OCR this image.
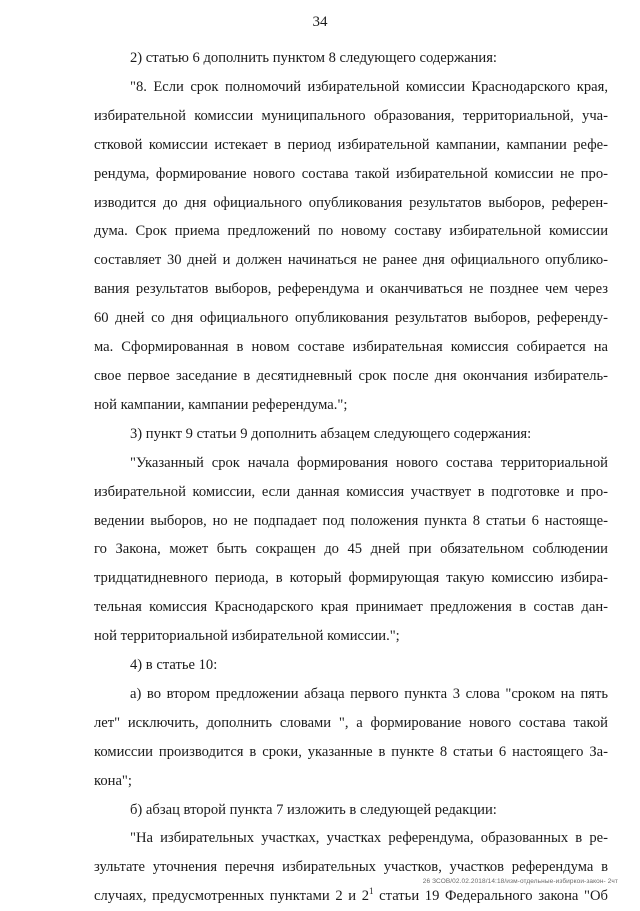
34

2) статью 6 дополнить пунктом 8 следующего содержания:

"8. Если срок полномочий избирательной комиссии Краснодарского края,
избирательной комиссии муниципального образования, территориальной, уча-
стковой комиссии истекает в период избирательной кампании, кампании рефе-
рендума, формирование нового состава такой избирательной комиссии не про-
изводится до дня официального опубликования результатов выборов, референ-
дума. Срок приема предложений по новому составу избирательной комиссии
составляет 30 дней и должен начинаться не ранее дня официального опублико-
вания результатов выборов, референдума и оканчиваться не позднее чем через
60 дней со дня официального опубликования результатов выборов, референду-
ма. Сформированная в новом составе избирательная комиссия собирается на
свое первое заседание в десятидневный срок после дня окончания избиратель-
ной кампании, кампании референдума.";

3) пункт 9 статьи 9 дополнить абзацем следующего содержания:

"Указанный срок начала формирования нового состава территориальной
избирательной комиссии, если данная комиссия участвует в подготовке и про-
ведении выборов, но не подпадает под положения пункта 8 статьи 6 настояще-
го Закона, может быть сокращен до 45 дней при обязательном соблюдении
тридцатидневного периода, в который формирующая такую комиссию избира-
тельная комиссия Краснодарского края принимает предложения в состав дан-
ной территориальной избирательной комиссии.";

4) в статье 10:

а) во втором предложении абзаца первого пункта 3 слова "сроком на пять
лет" исключить, дополнить словами ", а формирование нового состава такой
комиссии производится в сроки, указанные в пункте 8 статьи 6 настоящего За-
кона";

б) абзац второй пункта 7 изложить в следующей редакции:

"На избирательных участках, участках референдума, образованных в ре-
зультате уточнения перечня избирательных участков, участков референдума в
случаях, предусмотренных пунктами 2 и $2^1$ статьи 19 Федерального закона "Об

26 ЗСОВ/02.02.2018/14:18/изм-отдельные-избиркои-закон- 2чт
